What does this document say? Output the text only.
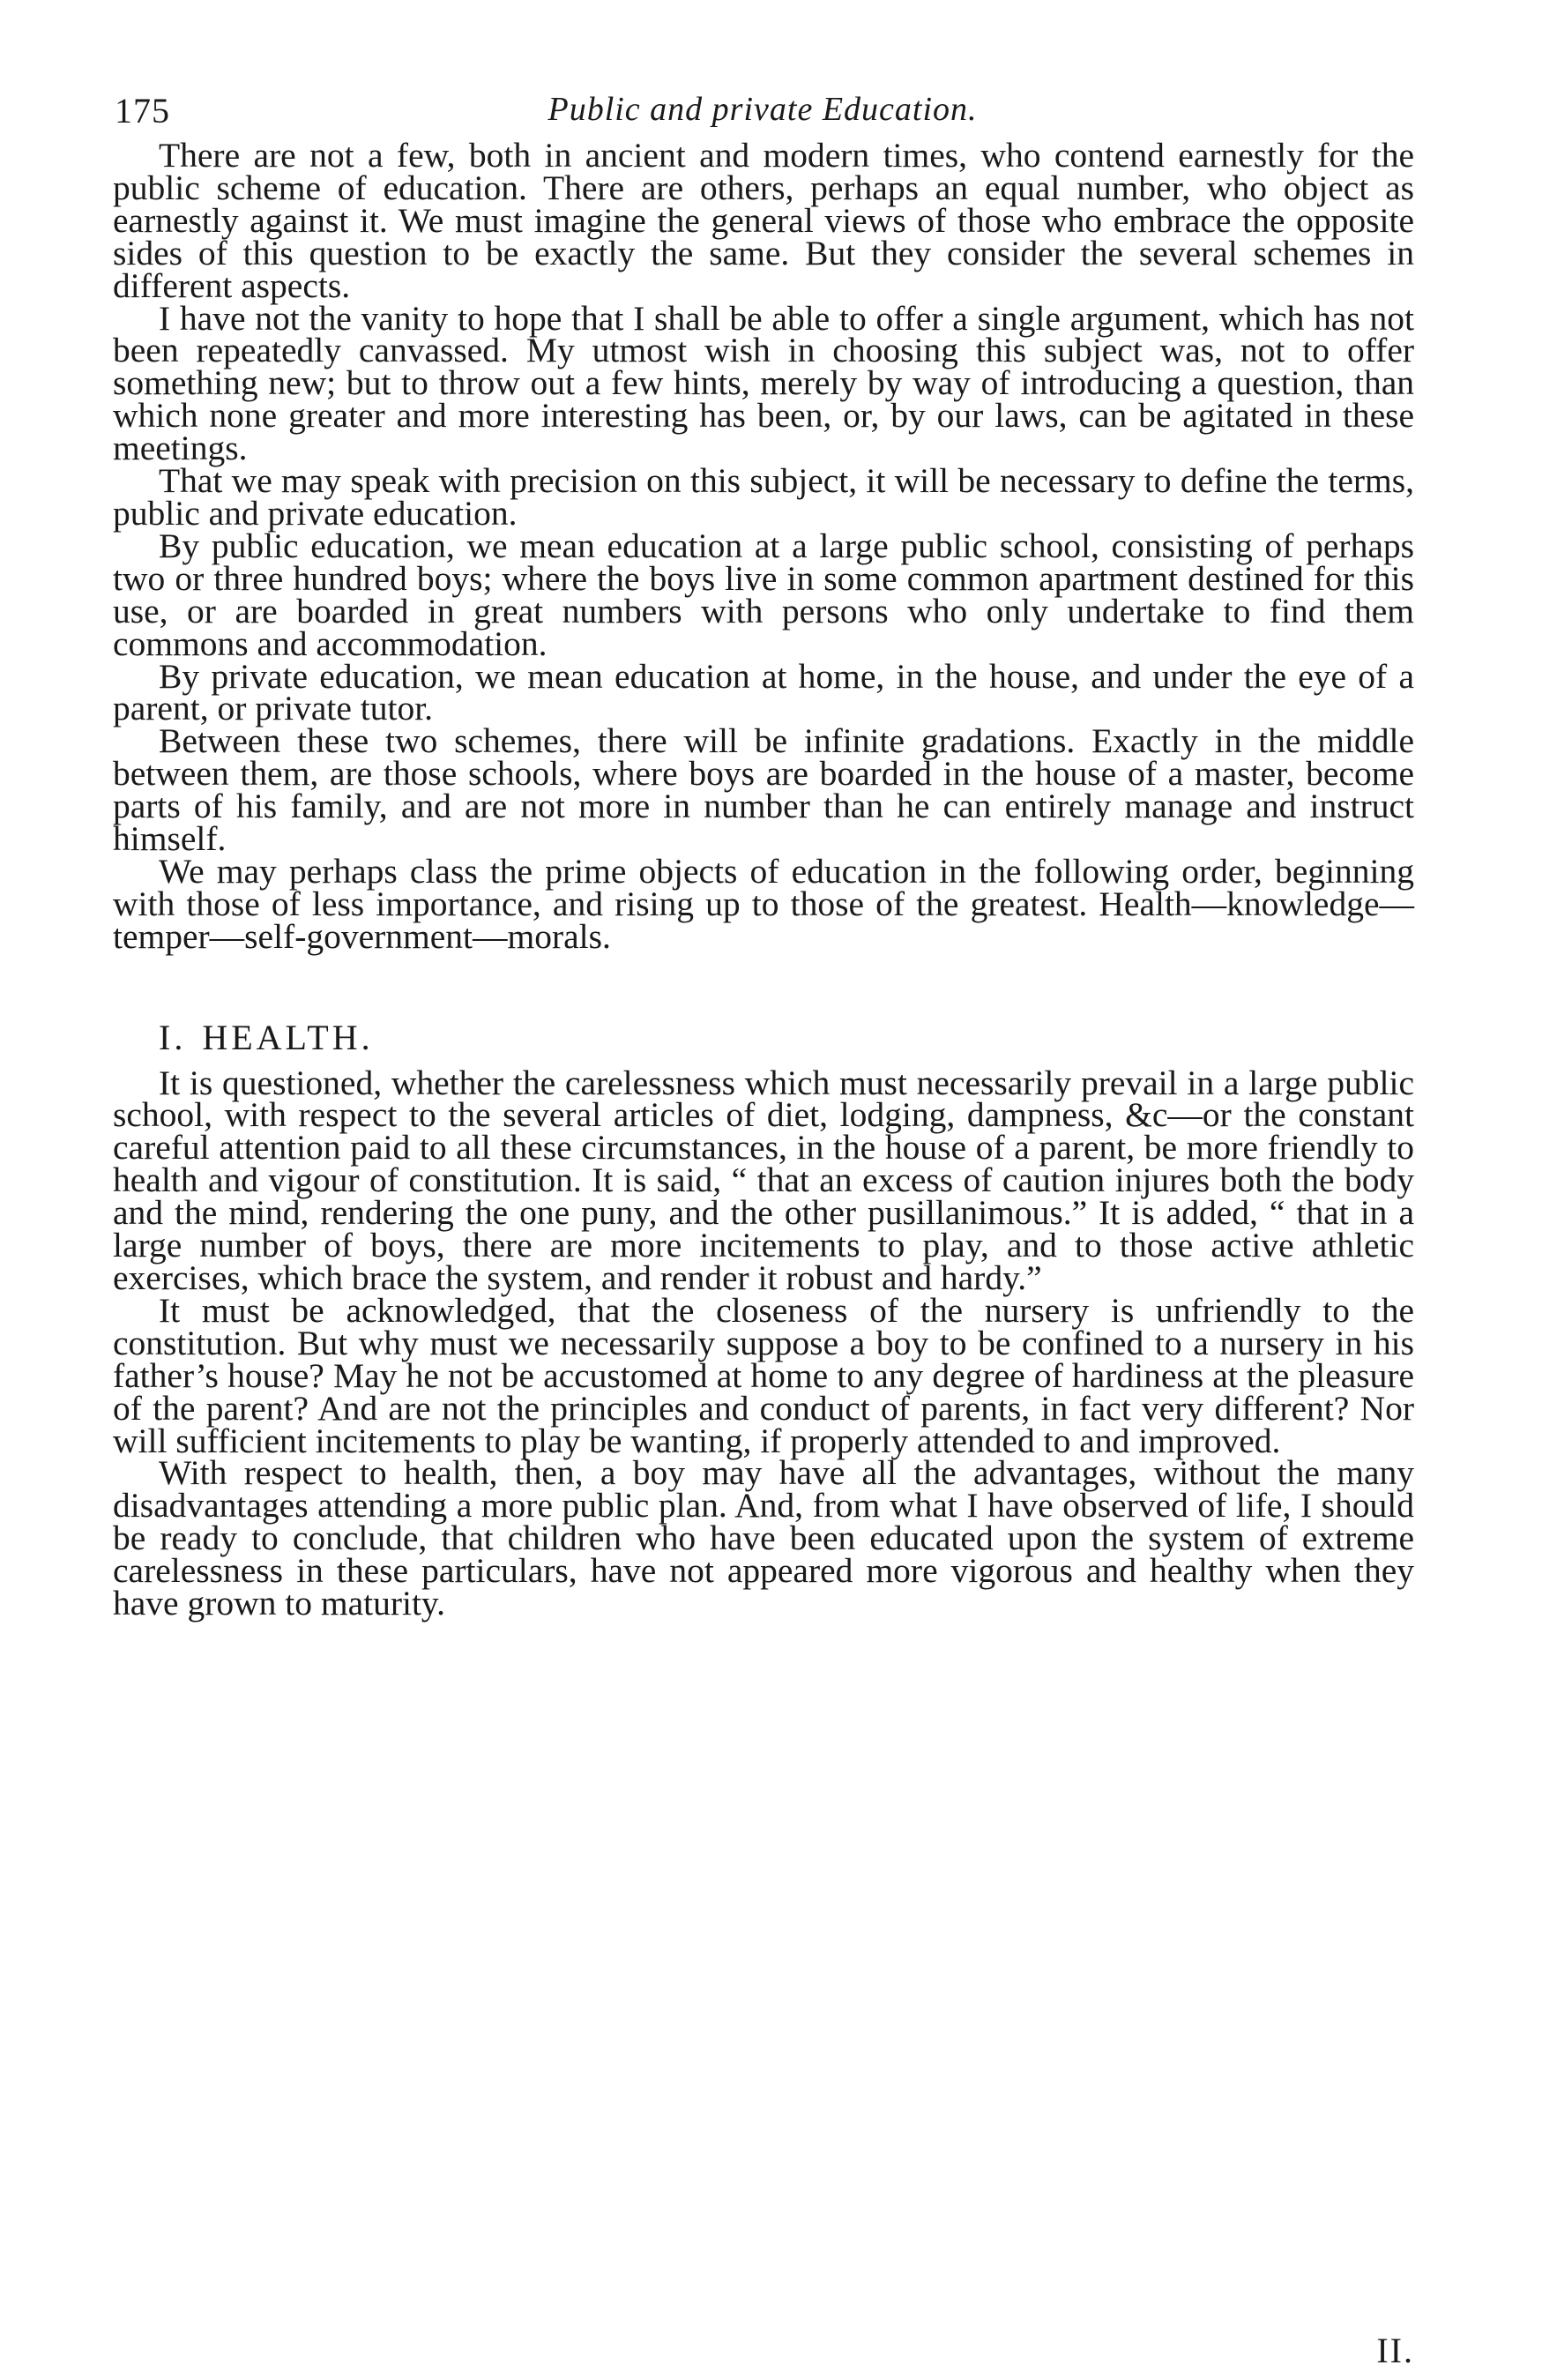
175	Public and private Education.

There are not a few, both in ancient and modern times, who contend earnestly for the public scheme of education. There are others, perhaps an equal number, who object as earnestly against it. We must imagine the general views of those who embrace the opposite sides of this question to be exactly the same. But they consider the several schemes in different aspects.

I have not the vanity to hope that I shall be able to offer a single argument, which has not been repeatedly canvassed. My utmost wish in choosing this subject was, not to offer something new; but to throw out a few hints, merely by way of introducing a question, than which none greater and more interesting has been, or, by our laws, can be agitated in these meetings.

That we may speak with precision on this subject, it will be necessary to define the terms, public and private education.

By public education, we mean education at a large public school, consisting of perhaps two or three hundred boys; where the boys live in some common apartment destined for this use, or are boarded in great numbers with persons who only undertake to find them commons and accommodation.

By private education, we mean education at home, in the house, and under the eye of a parent, or private tutor.

Between these two schemes, there will be infinite gradations. Exactly in the middle between them, are those schools, where boys are boarded in the house of a master, become parts of his family, and are not more in number than he can entirely manage and instruct himself.

We may perhaps class the prime objects of education in the following order, beginning with those of less importance, and rising up to those of the greatest. Health—knowledge—temper—self-government—morals.

I. HEALTH.

It is questioned, whether the carelessness which must necessarily prevail in a large public school, with respect to the several articles of diet, lodging, dampness, &c—or the constant careful attention paid to all these circumstances, in the house of a parent, be more friendly to health and vigour of constitution. It is said, “ that an excess of caution injures both the body and the mind, rendering the one puny, and the other pusillanimous.” It is added, “ that in a large number of boys, there are more incitements to play, and to those active athletic exercises, which brace the system, and render it robust and hardy.”

It must be acknowledged, that the closeness of the nursery is unfriendly to the constitution. But why must we necessarily suppose a boy to be confined to a nursery in his father’s house? May he not be accustomed at home to any degree of hardiness at the pleasure of the parent? And are not the principles and conduct of parents, in fact very different? Nor will sufficient incitements to play be wanting, if properly attended to and improved.

With respect to health, then, a boy may have all the advantages, without the many disadvantages attending a more public plan. And, from what I have observed of life, I should be ready to conclude, that children who have been educated upon the system of extreme carelessness in these particulars, have not appeared more vigorous and healthy when they have grown to maturity.

II.
